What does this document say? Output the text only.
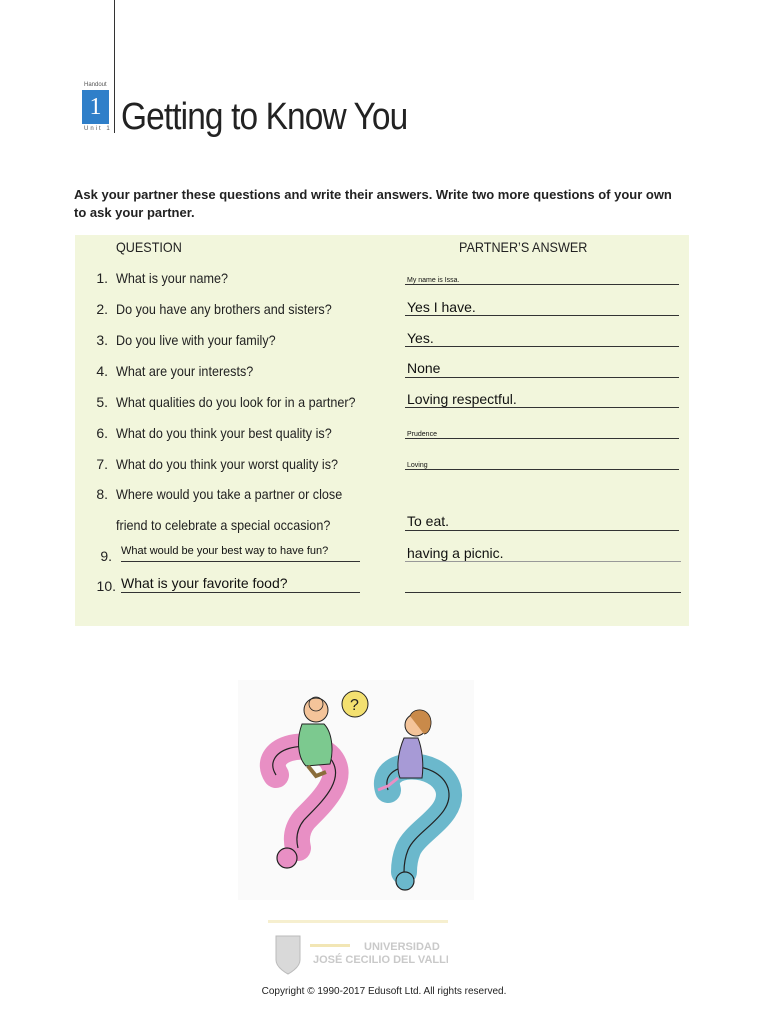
Handout
1
Unit 1 Getting to Know You
Ask your partner these questions and write their answers. Write two more questions of your own to ask your partner.
QUESTION	PARTNER’S ANSWER
1. What is your name?	My name is Issa.
2. Do you have any brothers and sisters?	Yes I have.
3. Do you live with your family?	Yes.
4. What are your interests?	None
5. What qualities do you look for in a partner?	Loving respectful.
6. What do you think your best quality is?	Prudence
7. What do you think your worst quality is?	Loving
8. Where would you take a partner or close
friend to celebrate a special occasion?	To eat.
9. What would be your best way to have fun?	having a picnic.
10. What is your favorite food?
?
UNIVERSIDAD
JOSÉ CECILIO DEL VALLE
Copyright © 1990-2017 Edusoft Ltd. All rights reserved.
